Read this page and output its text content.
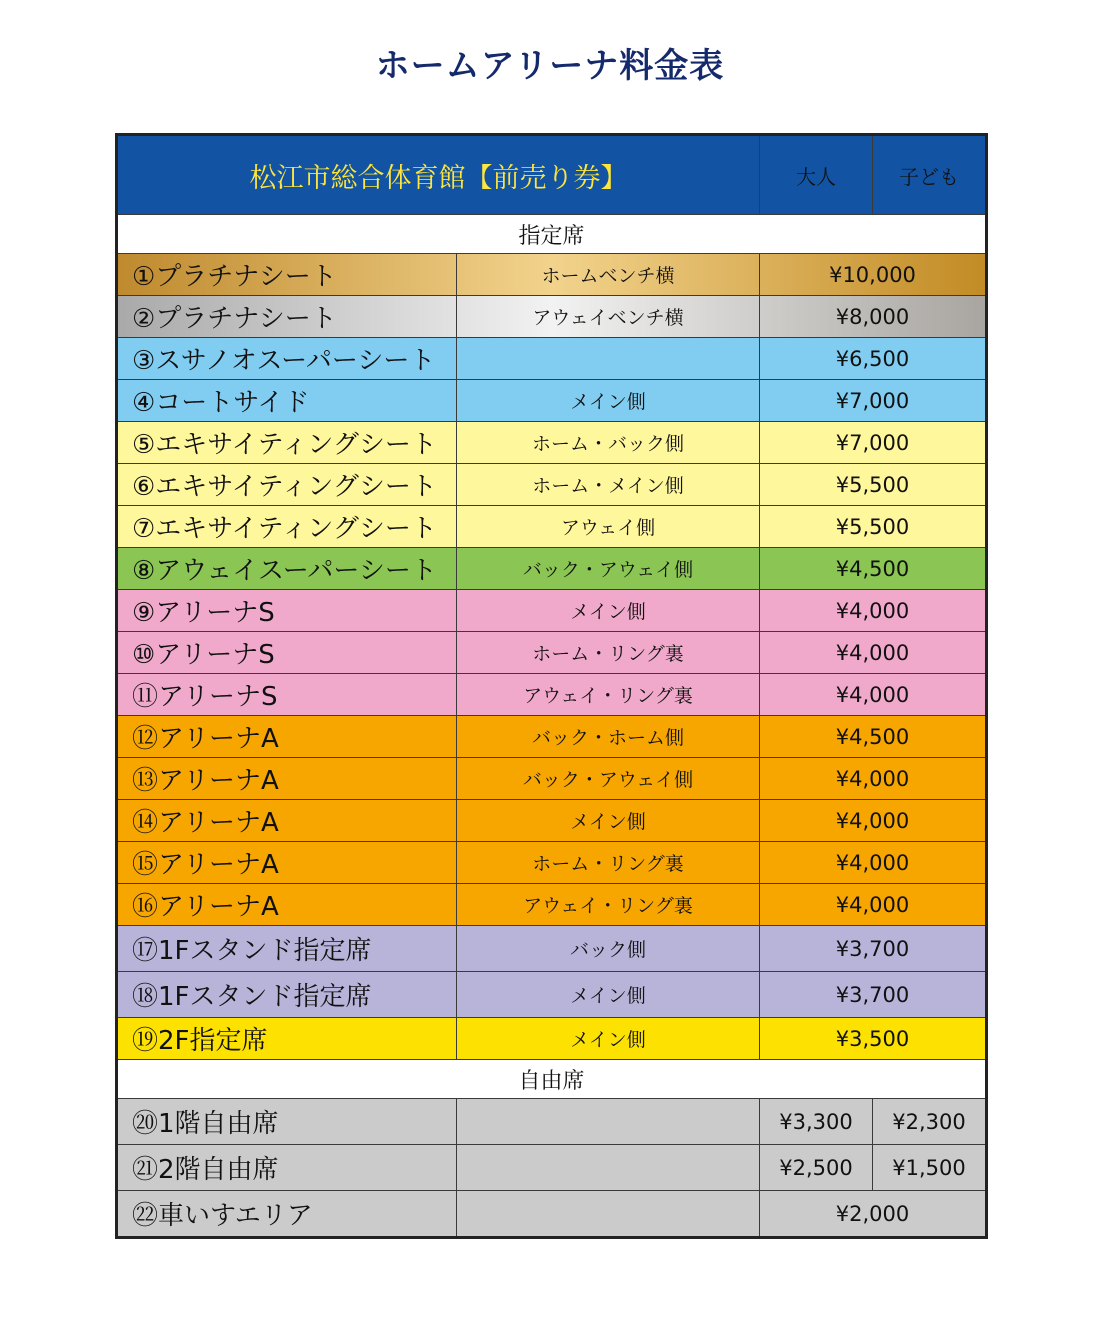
ホームアリーナ料金表
松江市総合体育館【前売り券】		大人	子ども
指定席			
①プラチナシート	ホームベンチ横	¥10,000	
②プラチナシート	アウェイベンチ横	¥8,000	
③スサノオスーパーシート		¥6,500	
④コートサイド	メイン側	¥7,000	
⑤エキサイティングシート	ホーム・バック側	¥7,000	
⑥エキサイティングシート	ホーム・メイン側	¥5,500	
⑦エキサイティングシート	アウェイ側	¥5,500	
⑧アウェイスーパーシート	バック・アウェイ側	¥4,500	
⑨アリーナS	メイン側	¥4,000	
⑩アリーナS	ホーム・リング裏	¥4,000	
⑪アリーナS	アウェイ・リング裏	¥4,000	
⑫アリーナA	バック・ホーム側	¥4,500	
⑬アリーナA	バック・アウェイ側	¥4,000	
⑭アリーナA	メイン側	¥4,000	
⑮アリーナA	ホーム・リング裏	¥4,000	
⑯アリーナA	アウェイ・リング裏	¥4,000	
⑰1Fスタンド指定席	バック側	¥3,700	
⑱1Fスタンド指定席	メイン側	¥3,700	
⑲2F指定席	メイン側	¥3,500	
自由席			
⑳1階自由席		¥3,300	¥2,300
㉑2階自由席		¥2,500	¥1,500
㉒車いすエリア		¥2,000	
